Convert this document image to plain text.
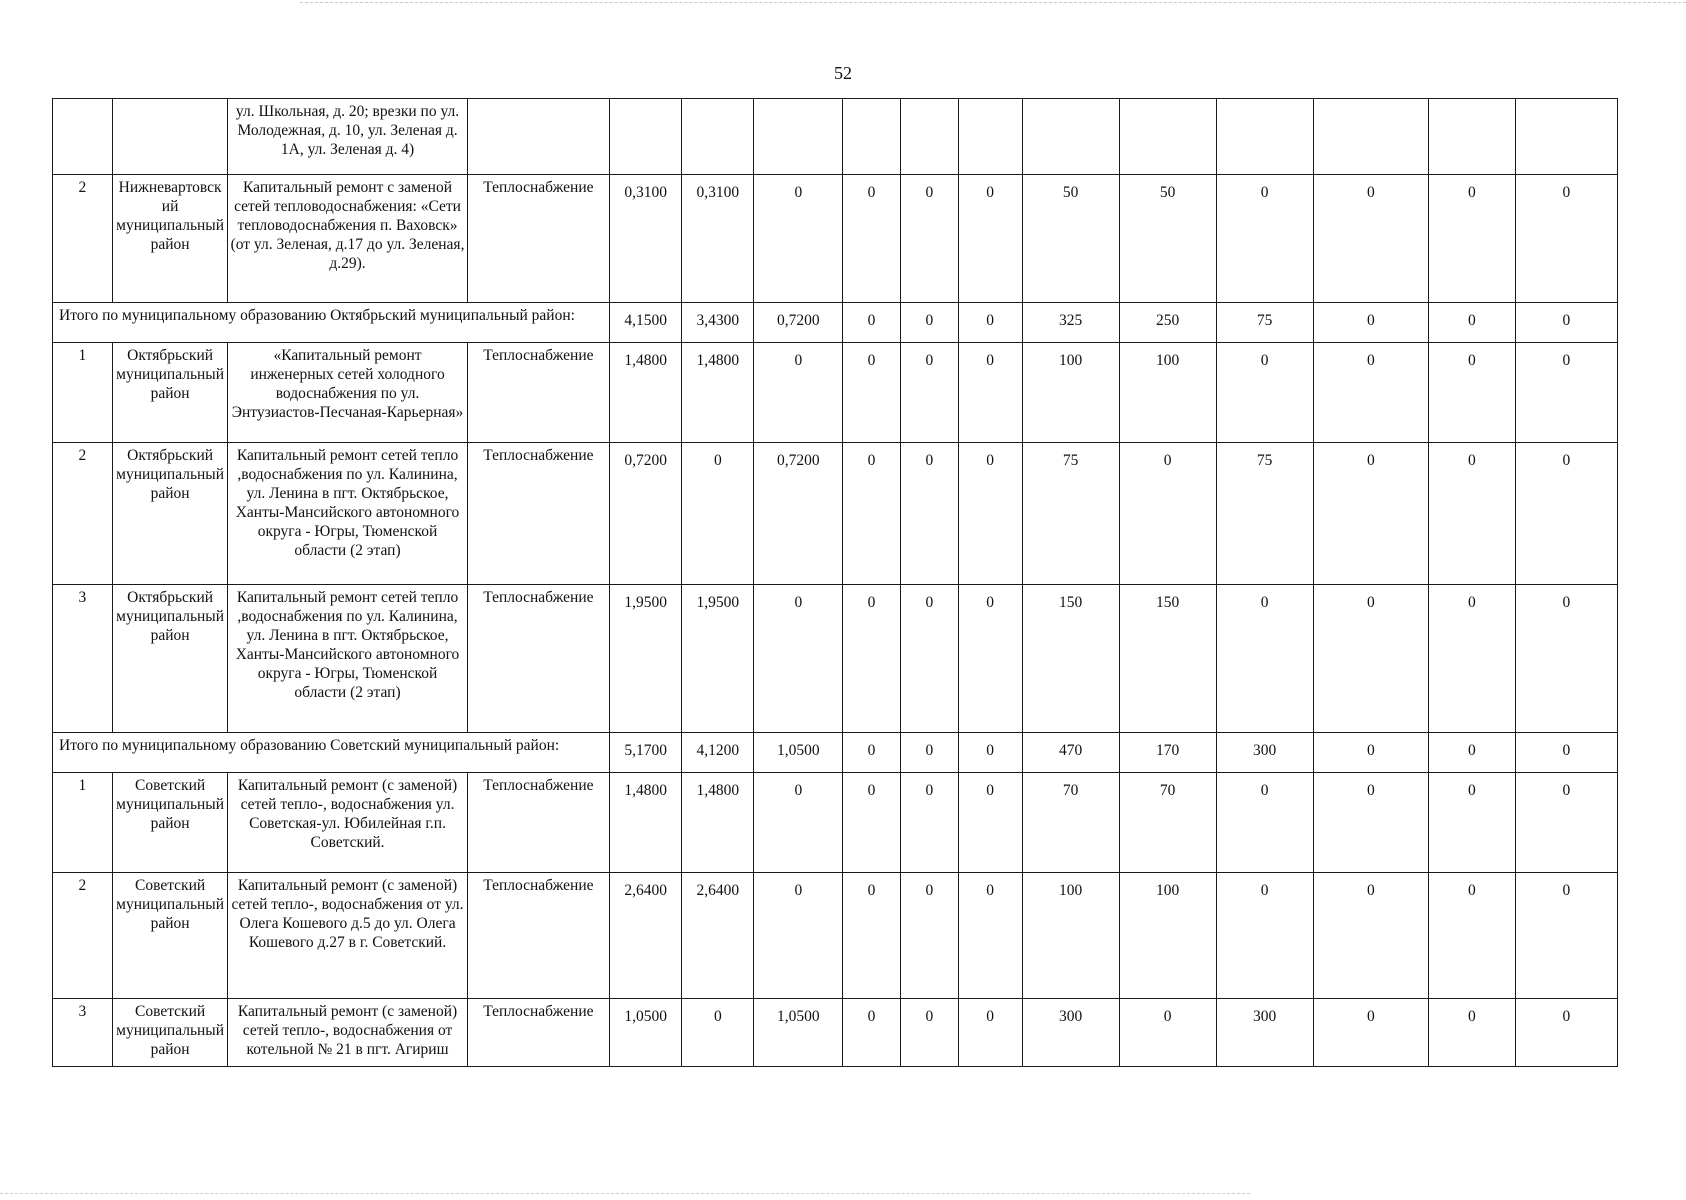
52
		ул. Школьная, д. 20; врезки по ул. Молодежная, д. 10, ул. Зеленая д. 1А, ул. Зеленая д. 4)													
2	Нижневартовский муниципальный район	Капитальный ремонт с заменой сетей тепловодоснабжения: «Сети тепловодоснабжения п. Ваховск» (от ул. Зеленая, д.17 до ул. Зеленая, д.29).	Теплоснабжение	0,3100	0,3100	0	0	0	0	50	50	0	0	0	0
Итого по муниципальному образованию Октябрьский муниципальный район:				4,1500	3,4300	0,7200	0	0	0	325	250	75	0	0	0
1	Октябрьский муниципальный район	«Капитальный ремонт инженерных сетей холодного водоснабжения по ул. Энтузиастов-Песчаная-Карьерная»	Теплоснабжение	1,4800	1,4800	0	0	0	0	100	100	0	0	0	0
2	Октябрьский муниципальный район	Капитальный ремонт сетей тепло ,водоснабжения по ул. Калинина, ул. Ленина в пгт. Октябрьское, Ханты-Мансийского автономного округа - Югры, Тюменской области (2 этап)	Теплоснабжение	0,7200	0	0,7200	0	0	0	75	0	75	0	0	0
3	Октябрьский муниципальный район	Капитальный ремонт сетей тепло ,водоснабжения по ул. Калинина, ул. Ленина в пгт. Октябрьское, Ханты-Мансийского автономного округа - Югры, Тюменской области (2 этап)	Теплоснабжение	1,9500	1,9500	0	0	0	0	150	150	0	0	0	0
Итого по муниципальному образованию Советский муниципальный район:				5,1700	4,1200	1,0500	0	0	0	470	170	300	0	0	0
1	Советский муниципальный район	Капитальный ремонт (с заменой) сетей тепло-, водоснабжения ул. Советская-ул. Юбилейная г.п. Советский.	Теплоснабжение	1,4800	1,4800	0	0	0	0	70	70	0	0	0	0
2	Советский муниципальный район	Капитальный ремонт (с заменой) сетей тепло-, водоснабжения от ул. Олега Кошевого д.5 до ул. Олега Кошевого д.27 в г. Советский.	Теплоснабжение	2,6400	2,6400	0	0	0	0	100	100	0	0	0	0
3	Советский муниципальный район	Капитальный ремонт (с заменой) сетей тепло-, водоснабжения от котельной № 21 в пгт. Агириш	Теплоснабжение	1,0500	0	1,0500	0	0	0	300	0	300	0	0	0
